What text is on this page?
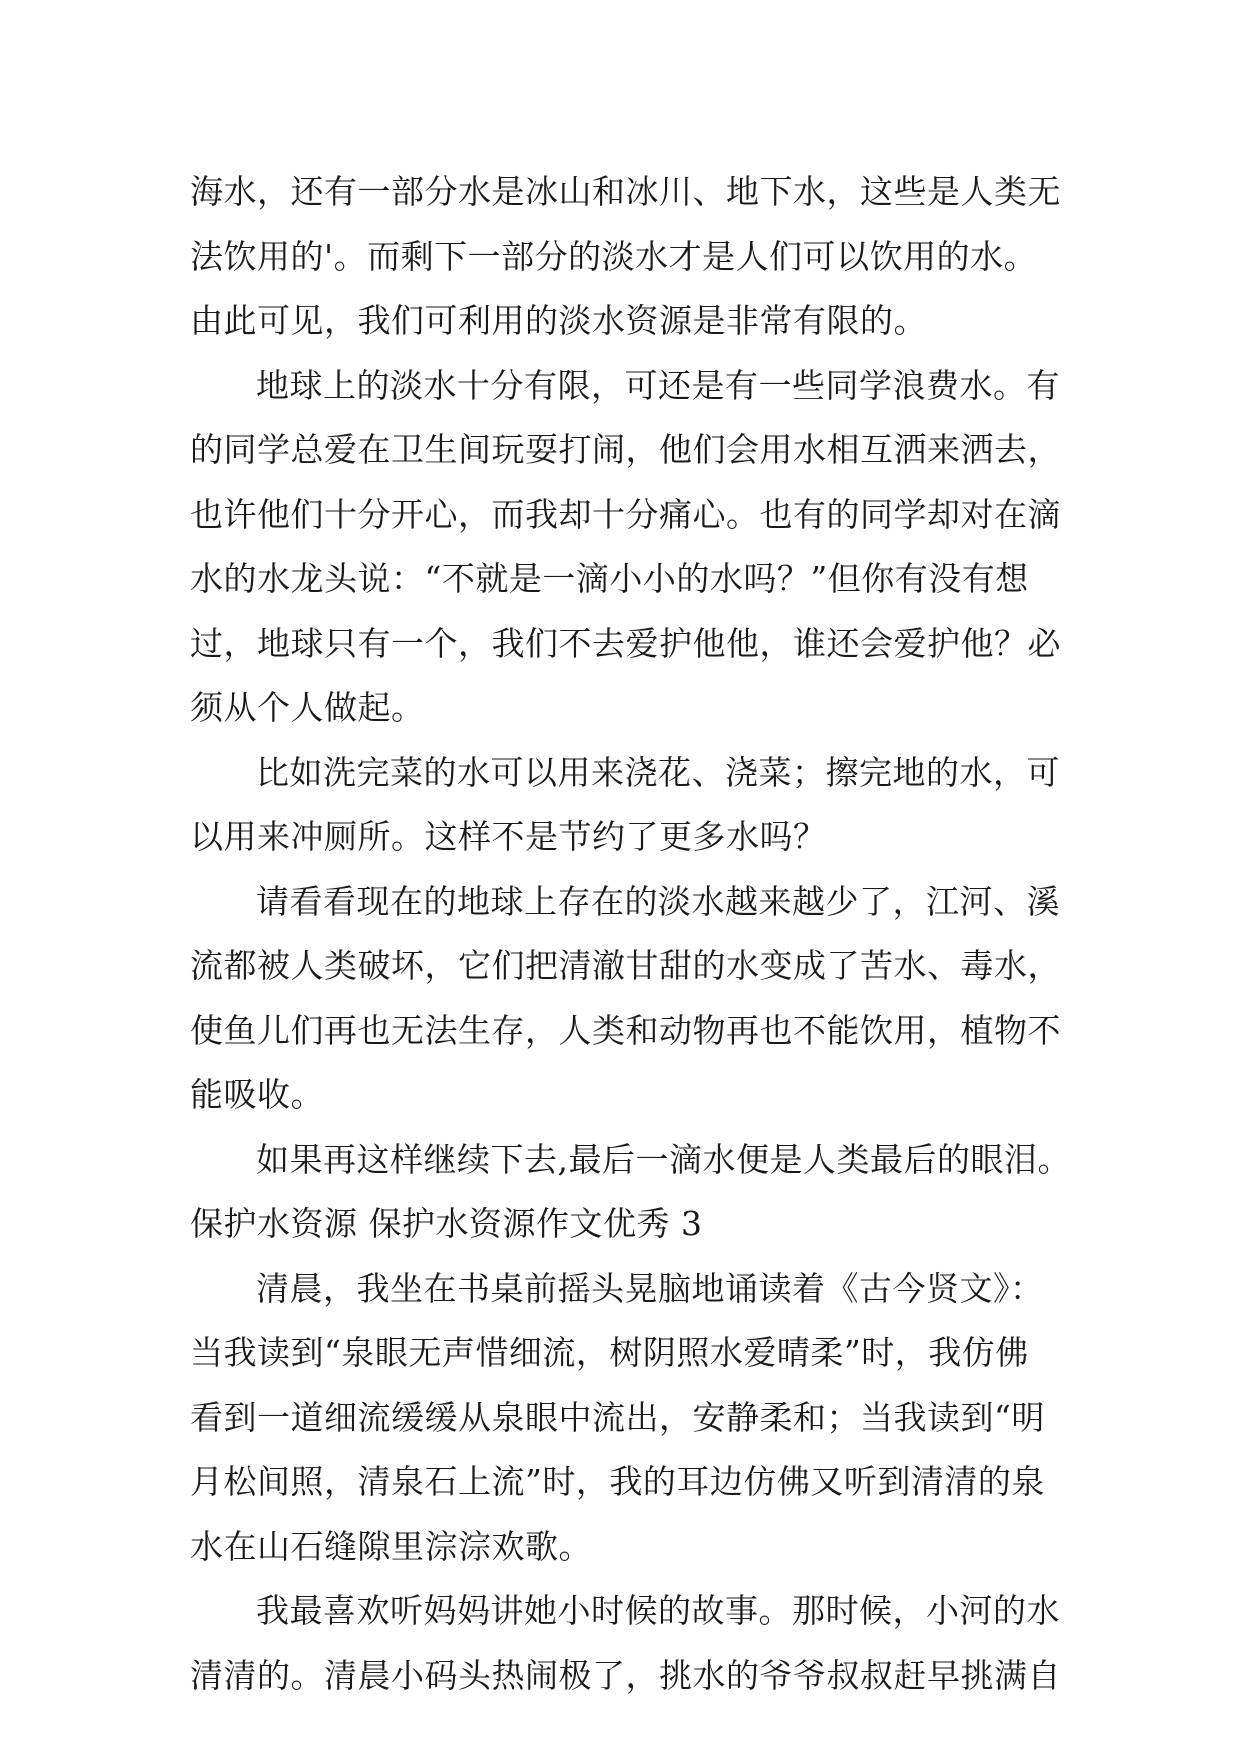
海水，还有一部分水是冰山和冰川、地下水，这些是人类无
法饮用的'。而剩下一部分的淡水才是人们可以饮用的水。
由此可见，我们可利用的淡水资源是非常有限的。
地球上的淡水十分有限，可还是有一些同学浪费水。有
的同学总爱在卫生间玩耍打闹，他们会用水相互洒来洒去，
也许他们十分开心，而我却十分痛心。也有的同学却对在滴
水的水龙头说：“不就是一滴小小的水吗？”但你有没有想
过，地球只有一个，我们不去爱护他他，谁还会爱护他？必
须从个人做起。
比如洗完菜的水可以用来浇花、浇菜；擦完地的水，可
以用来冲厕所。这样不是节约了更多水吗？
请看看现在的地球上存在的淡水越来越少了，江河、溪
流都被人类破坏，它们把清澈甘甜的水变成了苦水、毒水，
使鱼儿们再也无法生存，人类和动物再也不能饮用，植物不
能吸收。
如果再这样继续下去,最后一滴水便是人类最后的眼泪。
保护水资源 保护水资源作文优秀 3
清晨，我坐在书桌前摇头晃脑地诵读着《古今贤文》：
当我读到“泉眼无声惜细流，树阴照水爱晴柔”时，我仿佛
看到一道细流缓缓从泉眼中流出，安静柔和；当我读到“明
月松间照，清泉石上流”时，我的耳边仿佛又听到清清的泉
水在山石缝隙里淙淙欢歌。
我最喜欢听妈妈讲她小时候的故事。那时候，小河的水
清清的。清晨小码头热闹极了，挑水的爷爷叔叔赶早挑满自
